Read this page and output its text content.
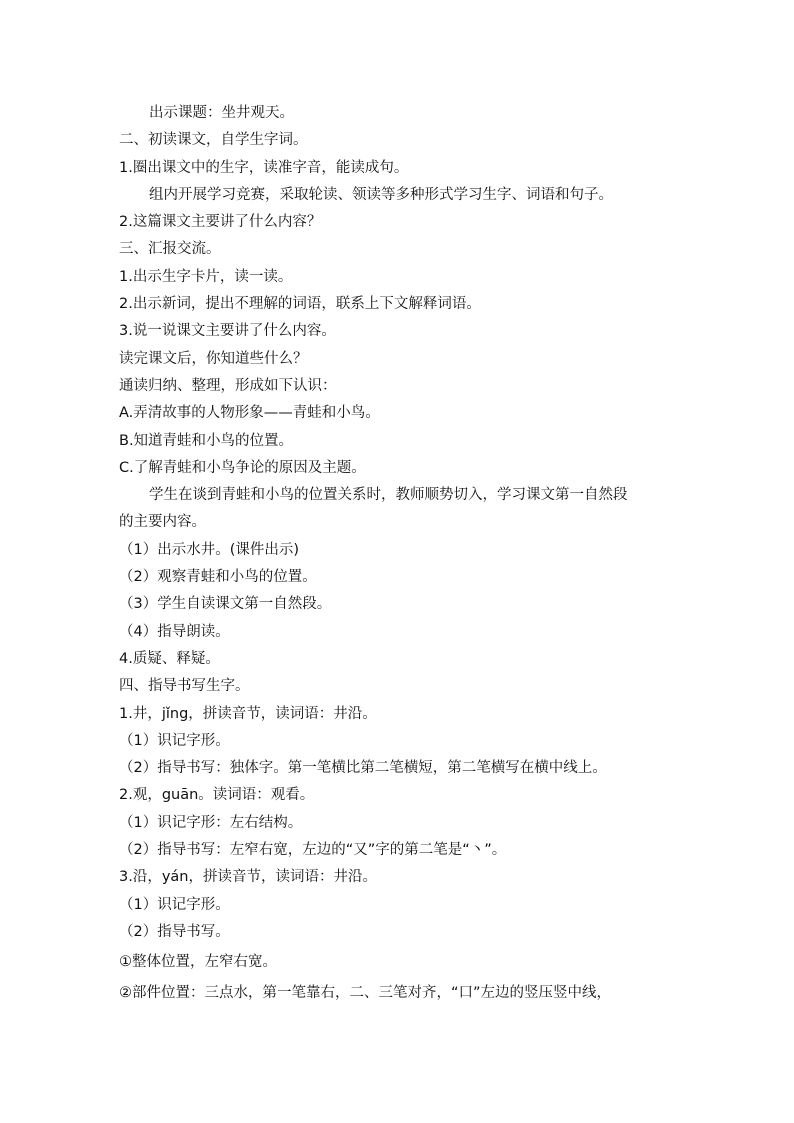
出示课题：坐井观天。

二、初读课文，自学生字词。

1.圈出课文中的生字，读准字音，能读成句。

组内开展学习竞赛，采取轮读、领读等多种形式学习生字、词语和句子。

2.这篇课文主要讲了什么内容？

三、汇报交流。

1.出示生字卡片，读一读。

2.出示新词，提出不理解的词语，联系上下文解释词语。

3.说一说课文主要讲了什么内容。

读完课文后，你知道些什么？

通读归纳、整理，形成如下认识：

A.弄清故事的人物形象——青蛙和小鸟。

B.知道青蛙和小鸟的位置。

C.了解青蛙和小鸟争论的原因及主题。

学生在谈到青蛙和小鸟的位置关系时，教师顺势切入，学习课文第一自然段

的主要内容。

（1）出示水井。(课件出示)

（2）观察青蛙和小鸟的位置。

（3）学生自读课文第一自然段。

（4）指导朗读。

4.质疑、释疑。

四、指导书写生字。

1.井，jǐng，拼读音节，读词语：井沿。

（1）识记字形。

（2）指导书写：独体字。第一笔横比第二笔横短，第二笔横写在横中线上。

2.观，guān。读词语：观看。

（1）识记字形：左右结构。

（2）指导书写：左窄右宽，左边的“又”字的第二笔是“丶”。

3.沿，yán，拼读音节，读词语：井沿。

（1）识记字形。

（2）指导书写。

①整体位置，左窄右宽。

②部件位置：三点水，第一笔靠右，二、三笔对齐，“口”左边的竖压竖中线，
